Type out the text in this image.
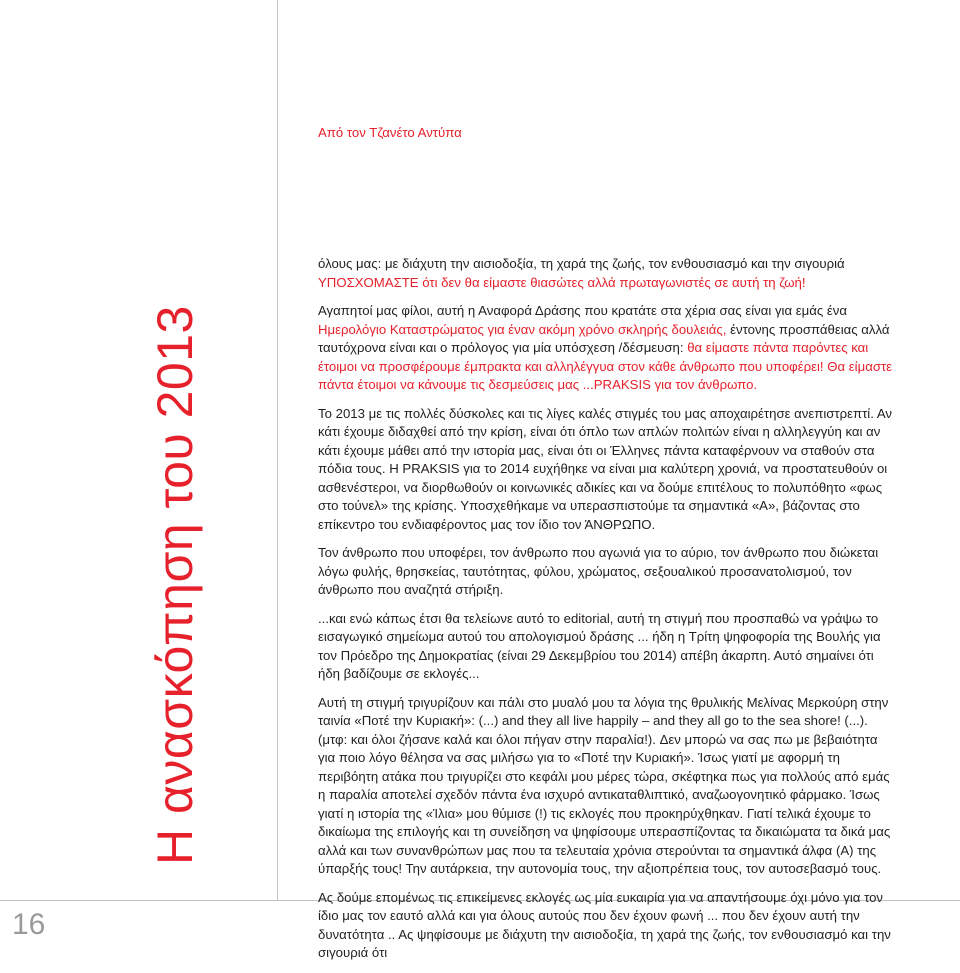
Από τον Τζανέτο Αντύπα
Η ανασκόπηση του 2013
16

όλους μας: με διάχυτη την αισιοδοξία, τη χαρά της ζωής, τον ενθουσιασμό και την σιγουριά ΥΠΟΣΧΟΜΑΣΤΕ ότι δεν θα είμαστε θιασώτες αλλά πρωταγωνιστές σε αυτή τη ζωή!

Αγαπητοί μας φίλοι, αυτή η Αναφορά Δράσης που κρατάτε στα χέρια σας είναι για εμάς ένα Ημερολόγιο Καταστρώματος για έναν ακόμη χρόνο σκληρής δουλειάς, έντονης προσπάθειας αλλά ταυτόχρονα είναι και ο πρόλογος για μία υπόσχεση /δέσμευση: θα είμαστε πάντα παρόντες και έτοιμοι να προσφέρουμε έμπρακτα και αλληλέγγυα στον κάθε άνθρωπο που υποφέρει! Θα είμαστε πάντα έτοιμοι να κάνουμε τις δεσμεύσεις μας ...PRAKSIS για τον άνθρωπο.

Το 2013 με τις πολλές δύσκολες και τις λίγες καλές στιγμές του μας αποχαιρέτησε ανεπιστρεπτί. Αν κάτι έχουμε διδαχθεί από την κρίση, είναι ότι όπλο των απλών πολιτών είναι η αλληλεγγύη και αν κάτι έχουμε μάθει από την ιστορία μας, είναι ότι οι Έλληνες πάντα καταφέρνουν να σταθούν στα πόδια τους. Η PRAKSIS για το 2014 ευχήθηκε να είναι μια καλύτερη χρονιά, να προστατευθούν οι ασθενέστεροι, να διορθωθούν οι κοινωνικές αδικίες και να δούμε επιτέλους το πολυπόθητο «φως στο τούνελ» της κρίσης. Υποσχεθήκαμε να υπερασπιστούμε τα σημαντικά «Α», βάζοντας στο επίκεντρο του ενδιαφέροντος μας τον ίδιο τον ΆΝΘΡΩΠΟ.

Τον άνθρωπο που υποφέρει, τον άνθρωπο που αγωνιά για το αύριο, τον άνθρωπο που διώκεται λόγω φυλής, θρησκείας, ταυτότητας, φύλου, χρώματος, σεξουαλικού προσανατολισμού, τον άνθρωπο που αναζητά στήριξη.

...και ενώ κάπως έτσι θα τελείωνε αυτό το editorial, αυτή τη στιγμή που προσπαθώ να γράψω το εισαγωγικό σημείωμα αυτού του απολογισμού δράσης ... ήδη η Τρίτη ψηφοφορία της Βουλής για τον Πρόεδρο της Δημοκρατίας (είναι 29 Δεκεμβρίου του 2014) απέβη άκαρπη. Αυτό σημαίνει ότι ήδη βαδίζουμε σε εκλογές...

Αυτή τη στιγμή τριγυρίζουν και πάλι στο μυαλό μου τα λόγια της θρυλικής Μελίνας Μερκούρη στην ταινία «Ποτέ την Κυριακή»: (...) and they all live happily – and they all go to the sea shore! (...). (μτφ: και όλοι ζήσανε καλά και όλοι πήγαν στην παραλία!). Δεν μπορώ να σας πω με βεβαιότητα για ποιο λόγο θέλησα να σας μιλήσω για το «Ποτέ την Κυριακή». Ίσως γιατί με αφορμή τη περιβόητη ατάκα που τριγυρίζει στο κεφάλι μου μέρες τώρα, σκέφτηκα πως για πολλούς από εμάς η παραλία αποτελεί σχεδόν πάντα ένα ισχυρό αντικαταθλιπτικό, αναζωογονητικό φάρμακο. Ίσως γιατί η ιστορία της «Ίλια» μου θύμισε (!) τις εκλογές που προκηρύχθηκαν. Γιατί τελικά έχουμε το δικαίωμα της επιλογής και τη συνείδηση να ψηφίσουμε υπερασπίζοντας τα δικαιώματα τα δικά μας αλλά και των συνανθρώπων μας που τα τελευταία χρόνια στερούνται τα σημαντικά άλφα (Α) της ύπαρξής τους! Την αυτάρκεια, την αυτονομία τους, την αξιοπρέπεια τους, τον αυτοσεβασμό τους.

Ας δούμε επομένως τις επικείμενες εκλογές ως μία ευκαιρία για να απαντήσουμε όχι μόνο για τον ίδιο μας τον εαυτό αλλά και για όλους αυτούς που δεν έχουν φωνή ... που δεν έχουν αυτή την δυνατότητα .. Ας ψηφίσουμε με διάχυτη την αισιοδοξία, τη χαρά της ζωής, τον ενθουσιασμό και την σιγουριά ότι
